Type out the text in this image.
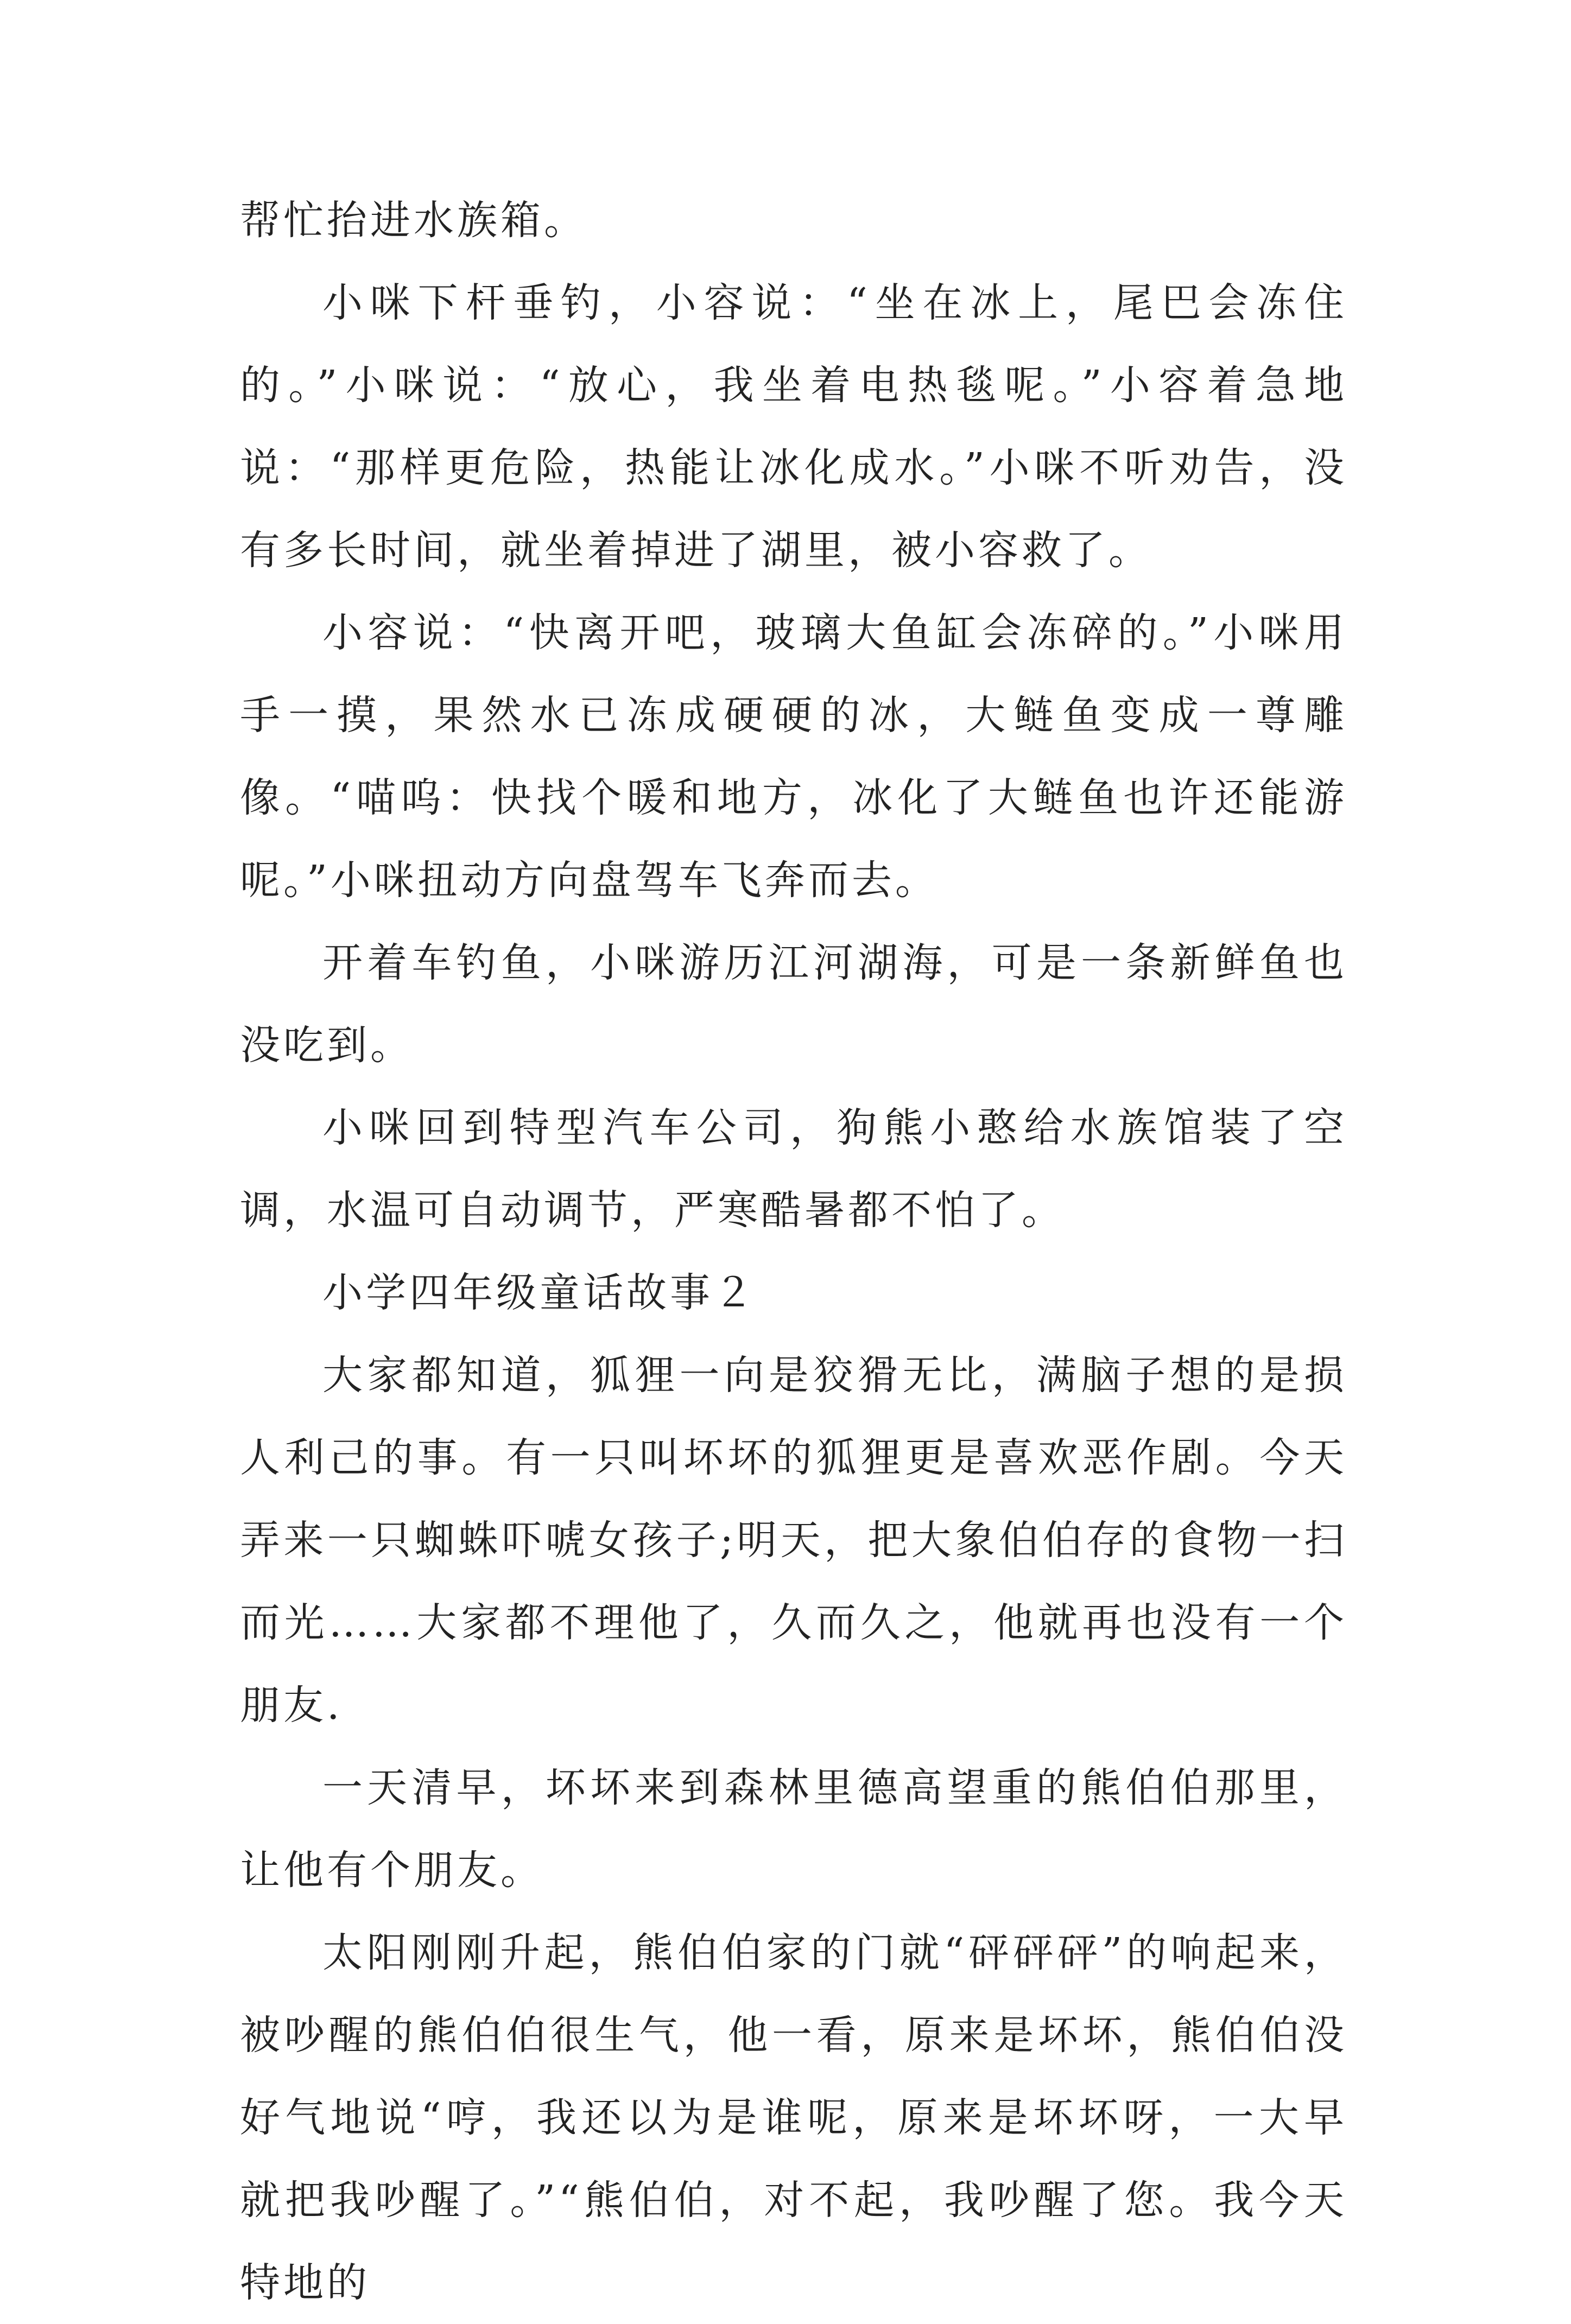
帮忙抬进水族箱。

小咪下杆垂钓，小容说：“坐在冰上，尾巴会冻住的。”小咪说：“放心，我坐着电热毯呢。”小容着急地说：“那样更危险，热能让冰化成水。”小咪不听劝告，没有多长时间，就坐着掉进了湖里，被小容救了。

小容说：“快离开吧，玻璃大鱼缸会冻碎的。”小咪用手一摸，果然水已冻成硬硬的冰，大鲢鱼变成一尊雕像。“喵呜：快找个暖和地方，冰化了大鲢鱼也许还能游呢。”小咪扭动方向盘驾车飞奔而去。

开着车钓鱼，小咪游历江河湖海，可是一条新鲜鱼也没吃到。

小咪回到特型汽车公司，狗熊小憨给水族馆装了空调，水温可自动调节，严寒酷暑都不怕了。

小学四年级童话故事２

大家都知道，狐狸一向是狡猾无比，满脑子想的是损人利己的事。有一只叫坏坏的狐狸更是喜欢恶作剧。今天弄来一只蜘蛛吓唬女孩子;明天，把大象伯伯存的食物一扫而光……大家都不理他了，久而久之，他就再也没有一个朋友.

一天清早，坏坏来到森林里德高望重的熊伯伯那里，让他有个朋友。

太阳刚刚升起，熊伯伯家的门就“砰砰砰”的响起来，被吵醒的熊伯伯很生气，他一看，原来是坏坏，熊伯伯没好气地说“哼，我还以为是谁呢，原来是坏坏呀，一大早就把我吵醒了。”“熊伯伯，对不起，我吵醒了您。我今天特地的
